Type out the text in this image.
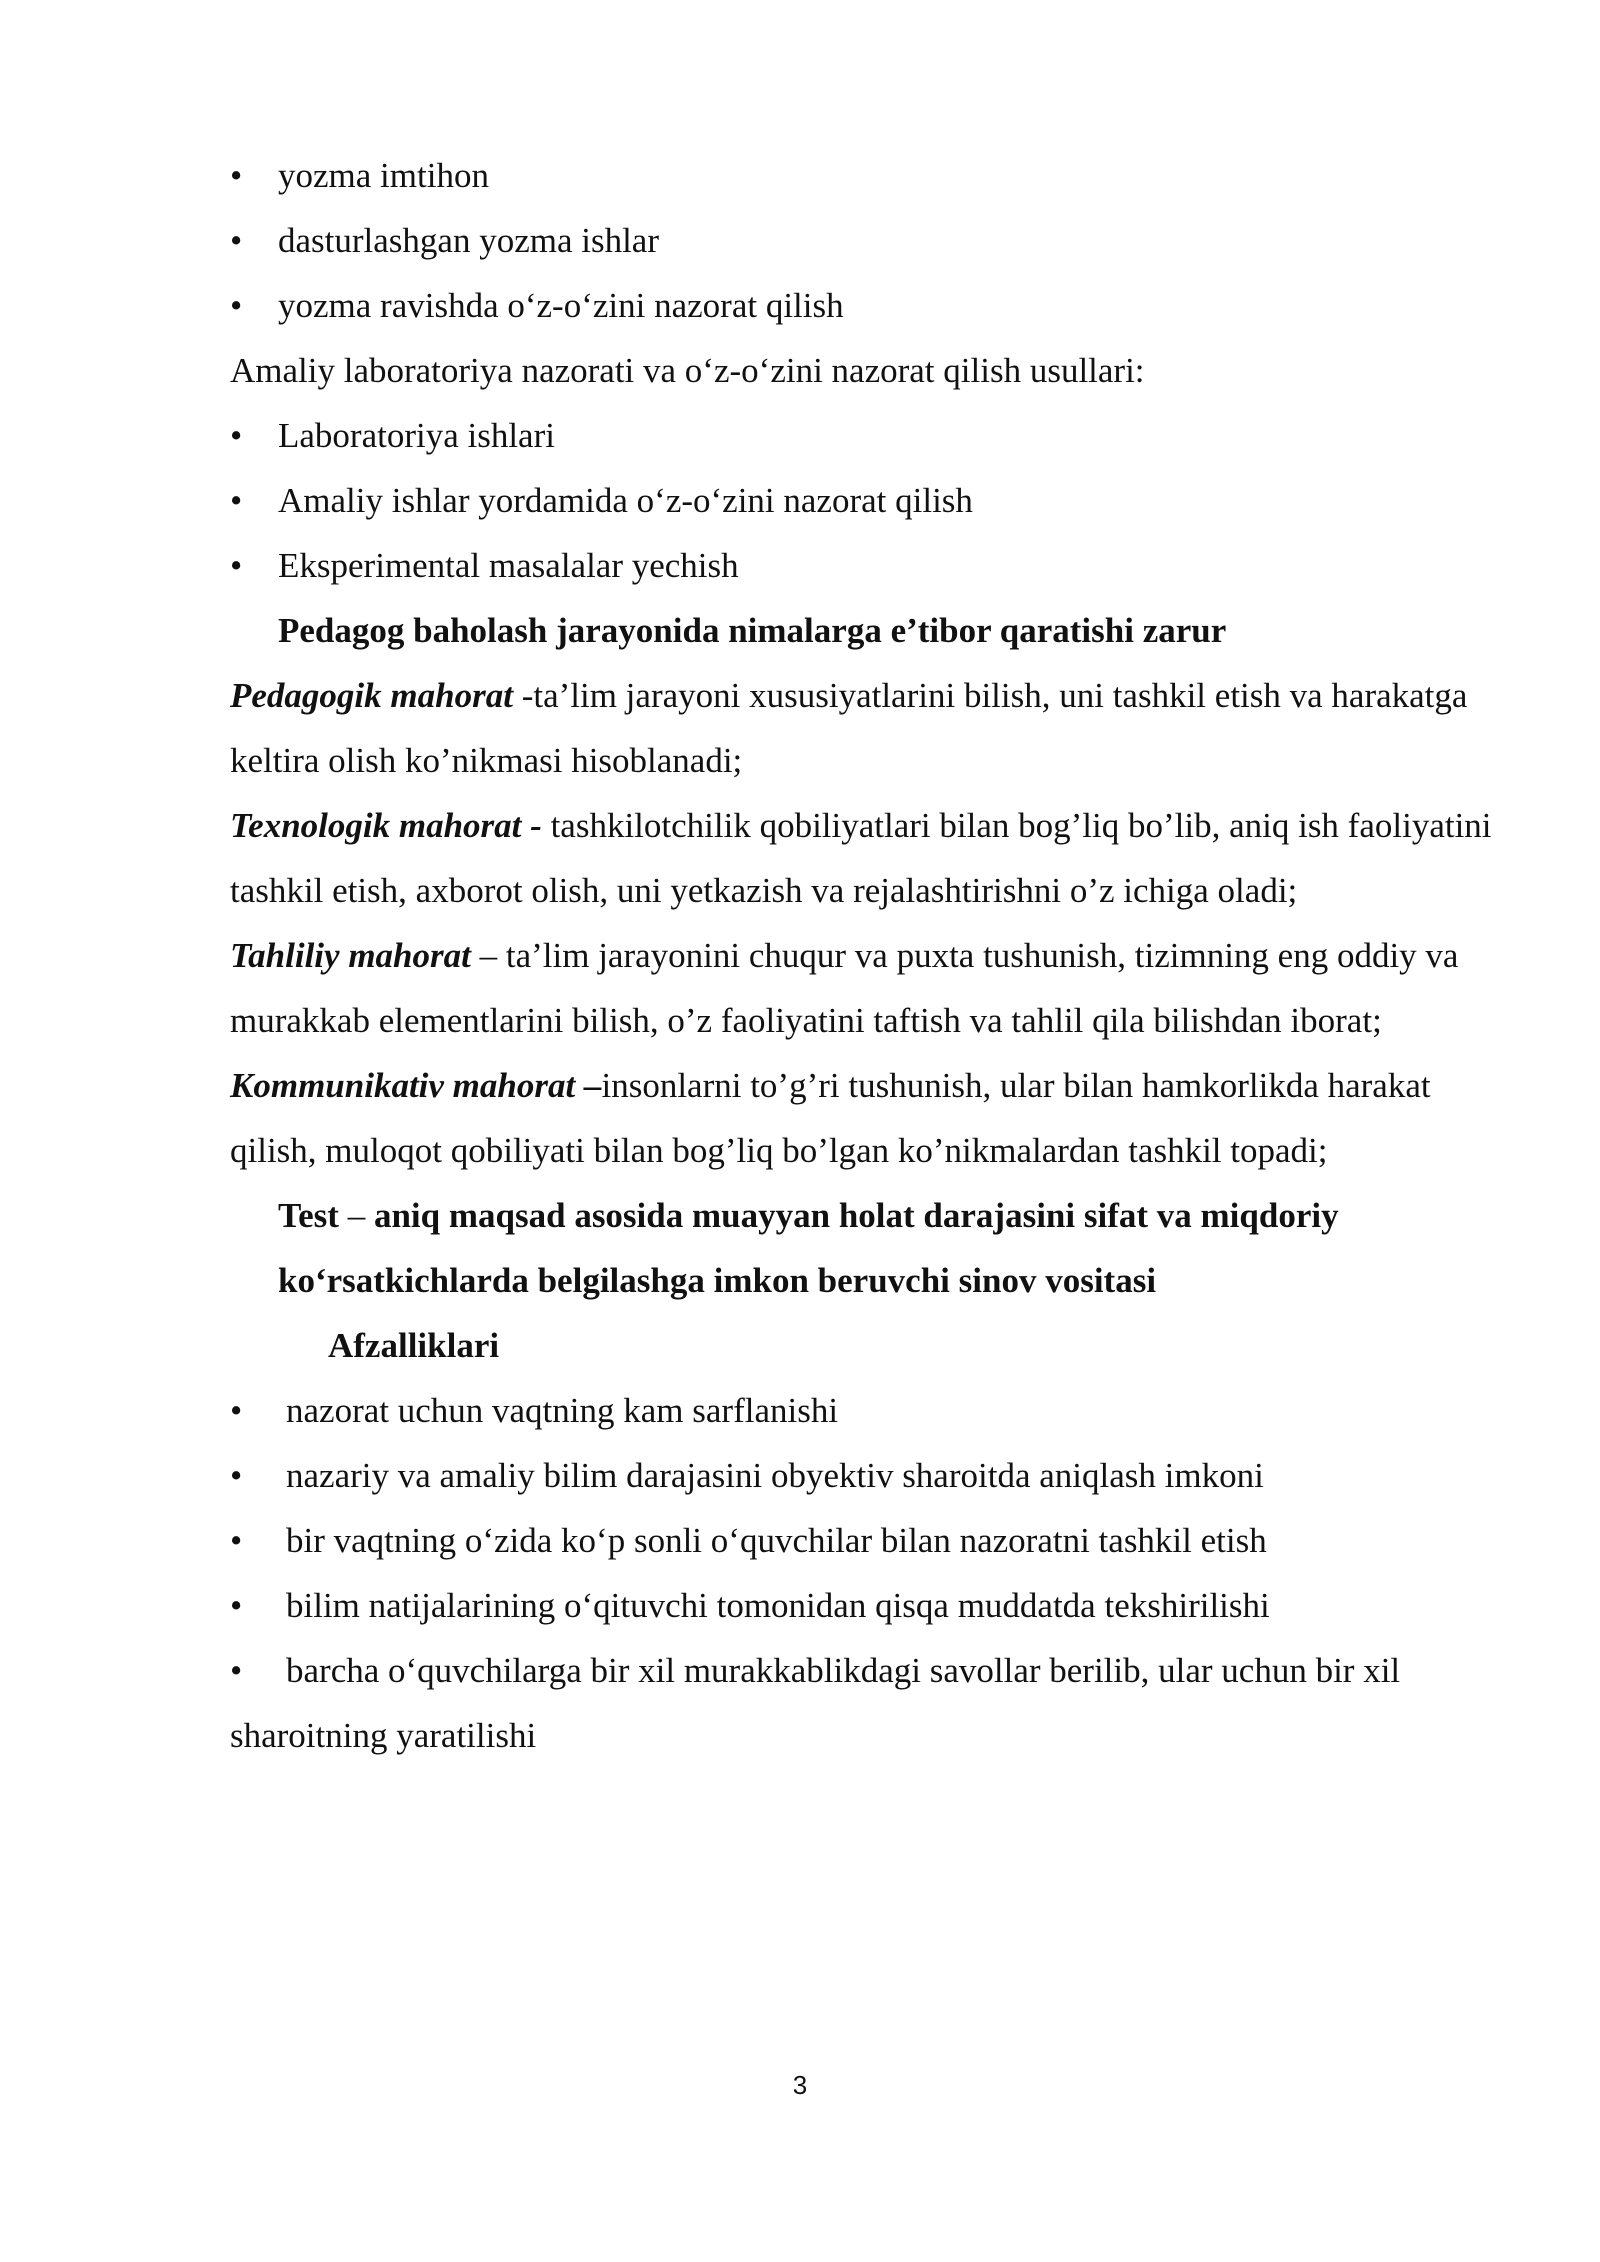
• yozma imtihon
• dasturlashgan yozma ishlar
• yozma ravishda o‘z-o‘zini nazorat qilish
Amaliy laboratoriya nazorati va o‘z-o‘zini nazorat qilish usullari:
• Laboratoriya ishlari
• Amaliy ishlar yordamida o‘z-o‘zini nazorat qilish
• Eksperimental masalalar yechish
Pedagog baholash jarayonida nimalarga e’tibor qaratishi zarur
Pedagogik mahorat -ta’lim jarayoni xususiyatlarini bilish, uni tashkil etish va harakatga keltira olish ko’nikmasi hisoblanadi;
Texnologik mahorat - tashkilotchilik qobiliyatlari bilan bog’liq bo’lib, aniq ish faoliyatini tashkil etish, axborot olish, uni yetkazish va rejalashtirishni o’z ichiga oladi;
Tahliliy mahorat – ta’lim jarayonini chuqur va puxta tushunish, tizimning eng oddiy va murakkab elementlarini bilish, o’z faoliyatini taftish va tahlil qila bilishdan iborat;
Kommunikativ mahorat –insonlarni to’g’ri tushunish, ular bilan hamkorlikda harakat qilish, muloqot qobiliyati bilan bog’liq bo’lgan ko’nikmalardan tashkil topadi;
Test – aniq maqsad asosida muayyan holat darajasini sifat va miqdoriy ko‘rsatkichlarda belgilashga imkon beruvchi sinov vositasi
Afzalliklari
• nazorat uchun vaqtning kam sarflanishi
• nazariy va amaliy bilim darajasini obyektiv sharoitda aniqlash imkoni
• bir vaqtning o‘zida ko‘p sonli o‘quvchilar bilan nazoratni tashkil etish
• bilim natijalarining o‘qituvchi tomonidan qisqa muddatda tekshirilishi
• barcha o‘quvchilarga bir xil murakkablikdagi savollar berilib, ular uchun bir xil sharoitning yaratilishi
3
